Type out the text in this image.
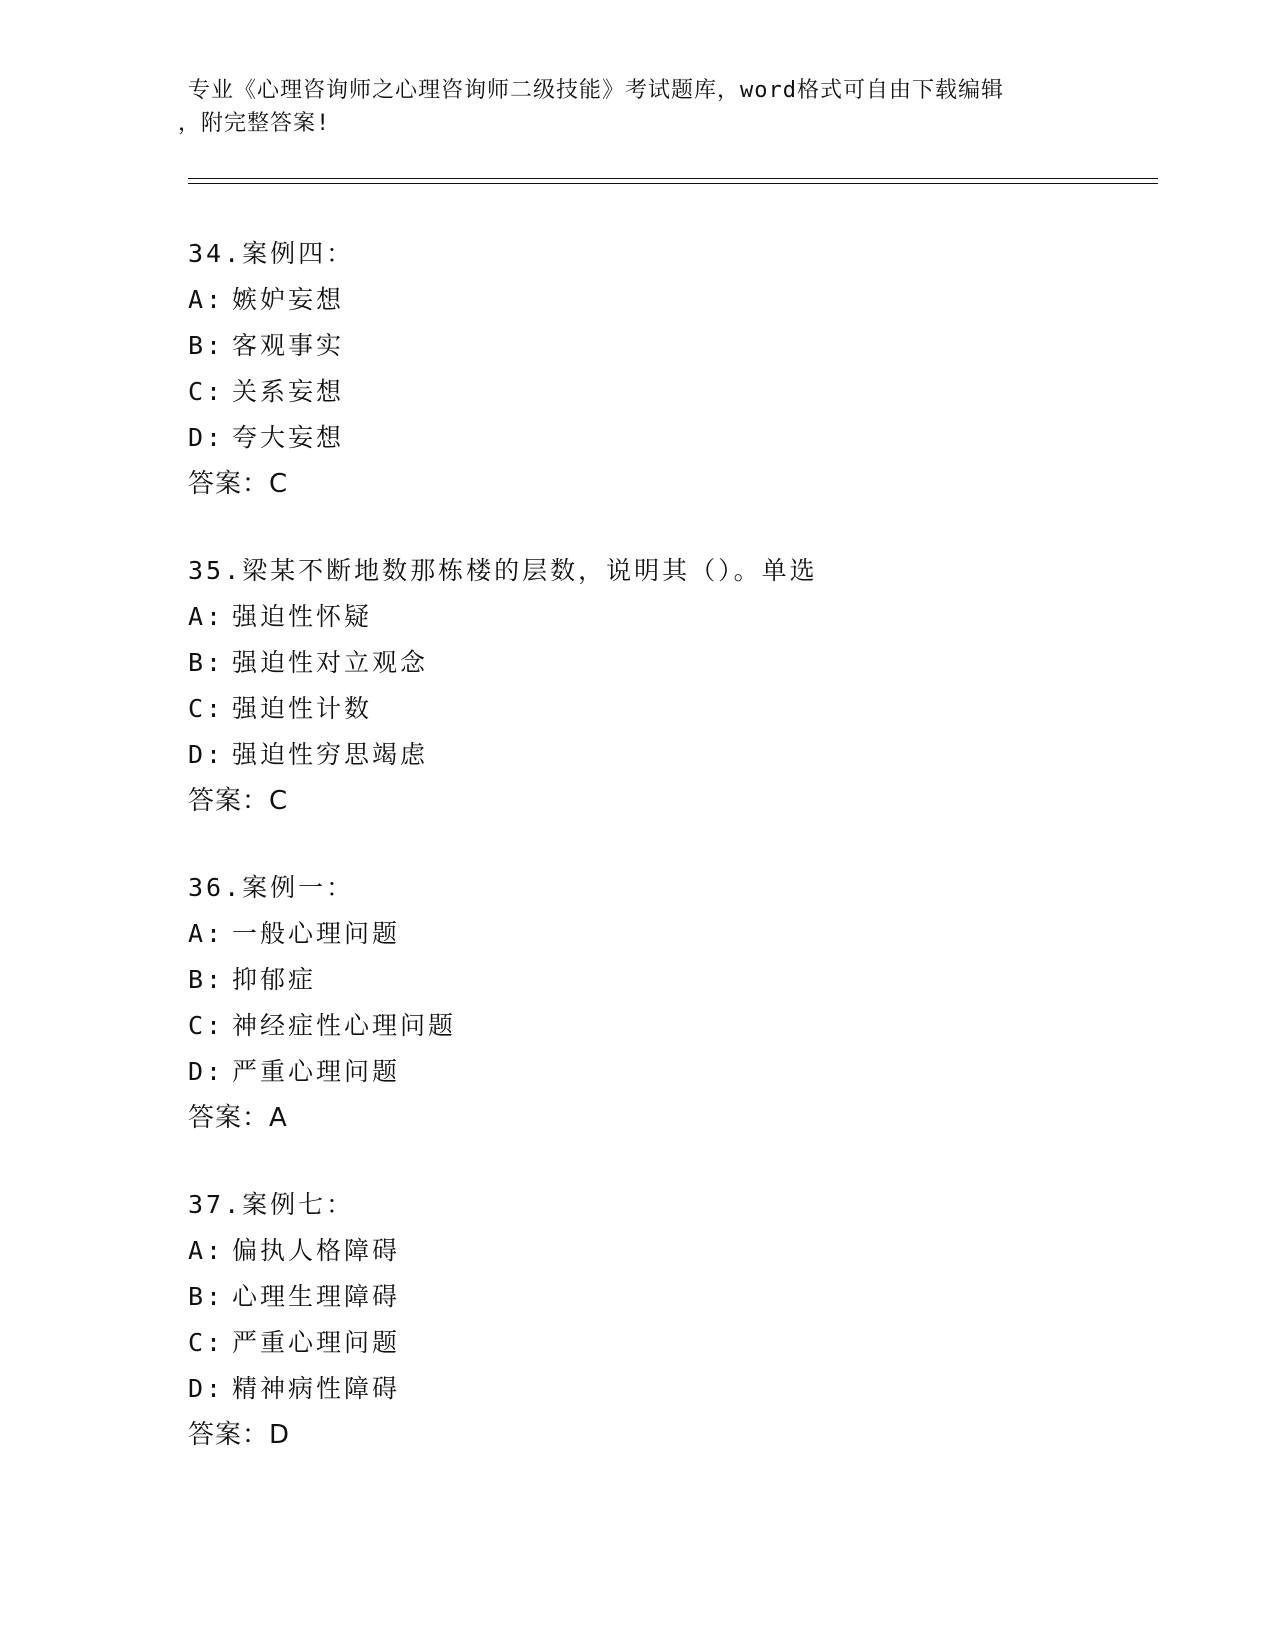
专业《心理咨询师之心理咨询师二级技能》考试题库，word格式可自由下载编辑
，附完整答案!
34.案例四：
A: 嫉妒妄想
B: 客观事实
C: 关系妄想
D: 夸大妄想
答案：C
35.梁某不断地数那栋楼的层数，说明其（）。单选
A: 强迫性怀疑
B: 强迫性对立观念
C: 强迫性计数
D: 强迫性穷思竭虑
答案：C
36.案例一：
A: 一般心理问题
B: 抑郁症
C: 神经症性心理问题
D: 严重心理问题
答案：A
37.案例七：
A: 偏执人格障碍
B: 心理生理障碍
C: 严重心理问题
D: 精神病性障碍
答案：D
